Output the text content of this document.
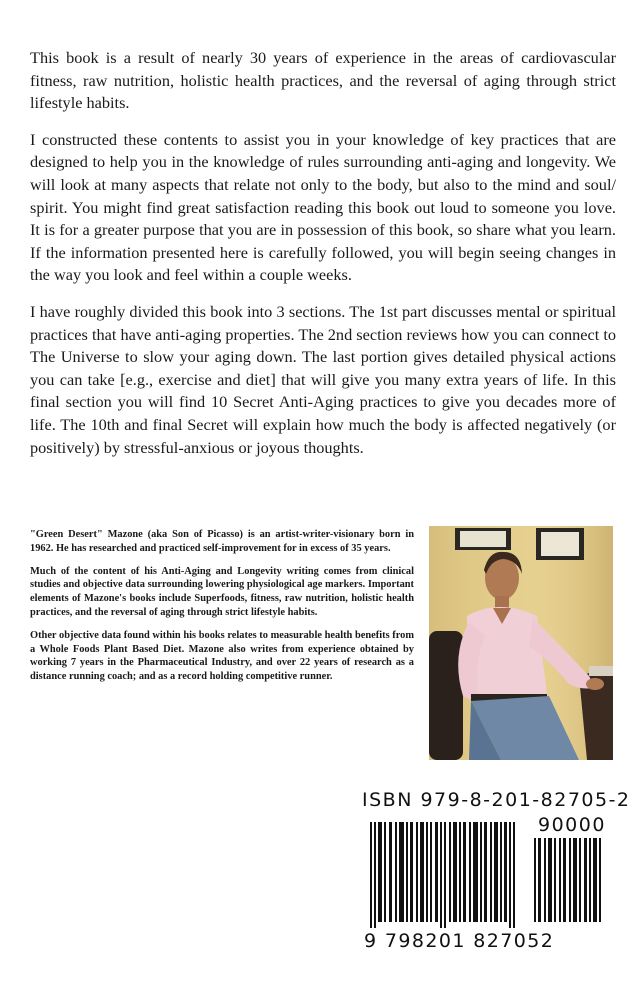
This book is a result of nearly 30 years of experience in the areas of cardiovascular fitness, raw nutrition, holistic health practices, and the reversal of aging through strict lifestyle habits.

I constructed these contents to assist you in your knowledge of key practices that are designed to help you in the knowledge of rules surrounding anti-aging and longevity. We will look at many aspects that relate not only to the body, but also to the mind and soul/ spirit. You might find great satisfaction reading this book out loud to someone you love. It is for a greater purpose that you are in possession of this book, so share what you learn. If the information presented here is carefully followed, you will begin seeing changes in the way you look and feel within a couple weeks.

I have roughly divided this book into 3 sections. The 1st part discusses mental or spiritual practices that have anti-aging properties. The 2nd section reviews how you can connect to The Universe to slow your aging down. The last portion gives detailed physical actions you can take [e.g., exercise and diet] that will give you many extra years of life. In this final section you will find 10 Secret Anti-Aging practices to give you decades more of life. The 10th and final Secret will explain how much the body is affected negatively (or positively) by stressful-anxious or joyous thoughts.

"Green Desert" Mazone (aka Son of Picasso) is an artist-writer-visionary born in 1962. He has researched and practiced self-improvement for in excess of 35 years.

Much of the content of his Anti-Aging and Longevity writing comes from clinical studies and objective data surrounding lowering physiological age markers. Important elements of Mazone's books include Superfoods, fitness, raw nutrition, holistic health practices, and the reversal of aging through strict lifestyle habits.

Other objective data found within his books relates to measurable health benefits from a Whole Foods Plant Based Diet. Mazone also writes from experience obtained by working 7 years in the Pharmaceutical Industry, and over 22 years of research as a distance running coach; and as a record holding competitive runner.

ISBN 979-8-201-82705-2
90000
9 798201 827052
